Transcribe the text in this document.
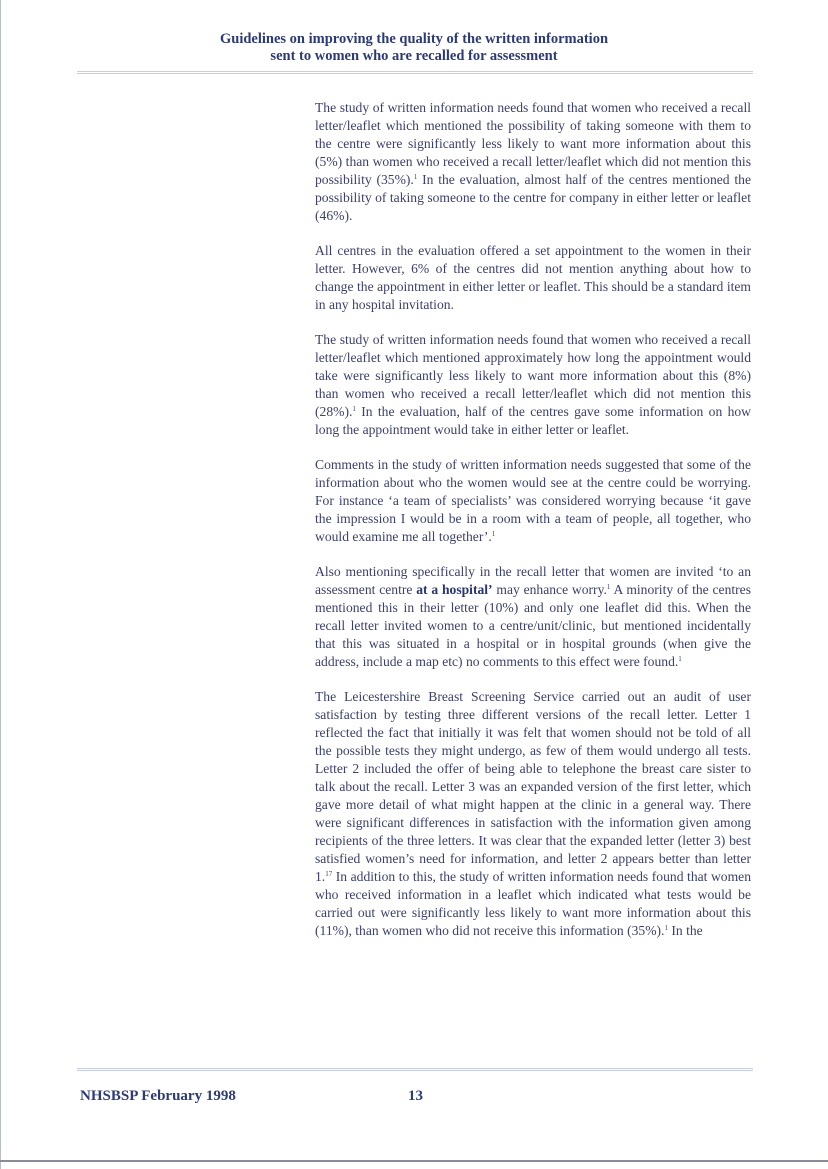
Guidelines on improving the quality of the written information
sent to women who are recalled for assessment

The study of written information needs found that women who received a recall letter/leaflet which mentioned the possibility of taking someone with them to the centre were significantly less likely to want more information about this (5%) than women who received a recall letter/leaflet which did not mention this possibility (35%).$^1$ In the evaluation, almost half of the centres mentioned the possibility of taking someone to the centre for company in either letter or leaflet (46%).

All centres in the evaluation offered a set appointment to the women in their letter. However, 6% of the centres did not mention anything about how to change the appointment in either letter or leaflet. This should be a standard item in any hospital invitation.

The study of written information needs found that women who received a recall letter/leaflet which mentioned approximately how long the appointment would take were significantly less likely to want more information about this (8%) than women who received a recall letter/leaflet which did not mention this (28%).$^1$ In the evaluation, half of the centres gave some information on how long the appointment would take in either letter or leaflet.

Comments in the study of written information needs suggested that some of the information about who the women would see at the centre could be worrying. For instance ‘a team of specialists’ was considered worrying because ‘it gave the impression I would be in a room with a team of people, all together, who would examine me all together’.$^1$

Also mentioning specifically in the recall letter that women are invited ‘to an assessment centre at a hospital’ may enhance worry.$^1$ A minority of the centres mentioned this in their letter (10%) and only one leaflet did this. When the recall letter invited women to a centre/unit/clinic, but mentioned incidentally that this was situated in a hospital or in hospital grounds (when give the address, include a map etc) no comments to this effect were found.$^1$

The Leicestershire Breast Screening Service carried out an audit of user satisfaction by testing three different versions of the recall letter. Letter 1 reflected the fact that initially it was felt that women should not be told of all the possible tests they might undergo, as few of them would undergo all tests. Letter 2 included the offer of being able to telephone the breast care sister to talk about the recall. Letter 3 was an expanded version of the first letter, which gave more detail of what might happen at the clinic in a general way. There were significant differences in satisfaction with the information given among recipients of the three letters. It was clear that the expanded letter (letter 3) best satisfied women’s need for information, and letter 2 appears better than letter 1.17 In addition to this, the study of written information needs found that women who received information in a leaflet which indicated what tests would be carried out were significantly less likely to want more information about this (11%), than women who did not receive this information (35%).$^1$ In the

NHSBSP February 1998	13
